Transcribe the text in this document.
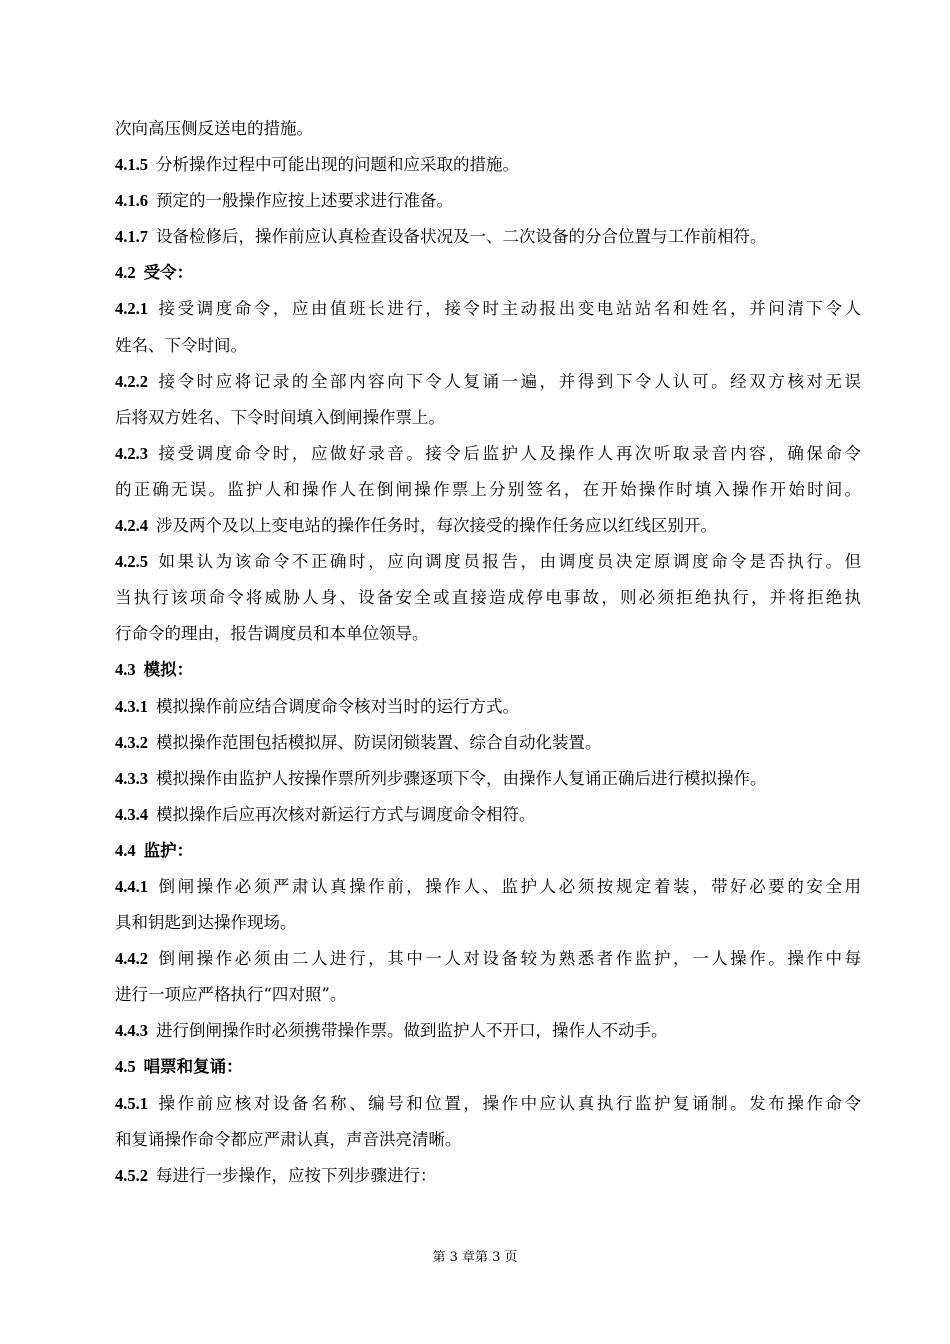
次向高压侧反送电的措施。
4.1.5 分析操作过程中可能出现的问题和应采取的措施。
4.1.6 预定的一般操作应按上述要求进行准备。
4.1.7 设备检修后，操作前应认真检查设备状况及一、二次设备的分合位置与工作前相符。
4.2 受令：
4.2.1 接受调度命令，应由值班长进行，接令时主动报出变电站站名和姓名，并问清下令人
姓名、下令时间。
4.2.2 接令时应将记录的全部内容向下令人复诵一遍，并得到下令人认可。经双方核对无误
后将双方姓名、下令时间填入倒闸操作票上。
4.2.3 接受调度命令时，应做好录音。接令后监护人及操作人再次听取录音内容，确保命令
的正确无误。监护人和操作人在倒闸操作票上分别签名，在开始操作时填入操作开始时间。
4.2.4 涉及两个及以上变电站的操作任务时，每次接受的操作任务应以红线区别开。
4.2.5 如果认为该命令不正确时，应向调度员报告，由调度员决定原调度命令是否执行。但
当执行该项命令将威胁人身、设备安全或直接造成停电事故，则必须拒绝执行，并将拒绝执
行命令的理由，报告调度员和本单位领导。
4.3 模拟：
4.3.1 模拟操作前应结合调度命令核对当时的运行方式。
4.3.2 模拟操作范围包括模拟屏、防误闭锁装置、综合自动化装置。
4.3.3 模拟操作由监护人按操作票所列步骤逐项下令，由操作人复诵正确后进行模拟操作。
4.3.4 模拟操作后应再次核对新运行方式与调度命令相符。
4.4 监护：
4.4.1 倒闸操作必须严肃认真操作前，操作人、监护人必须按规定着装，带好必要的安全用
具和钥匙到达操作现场。
4.4.2 倒闸操作必须由二人进行，其中一人对设备较为熟悉者作监护，一人操作。操作中每
进行一项应严格执行“四对照”。
4.4.3 进行倒闸操作时必须携带操作票。做到监护人不开口，操作人不动手。
4.5 唱票和复诵：
4.5.1 操作前应核对设备名称、编号和位置，操作中应认真执行监护复诵制。发布操作命令
和复诵操作命令都应严肃认真，声音洪亮清晰。
4.5.2 每进行一步操作，应按下列步骤进行：
第 3 章第 3 页
